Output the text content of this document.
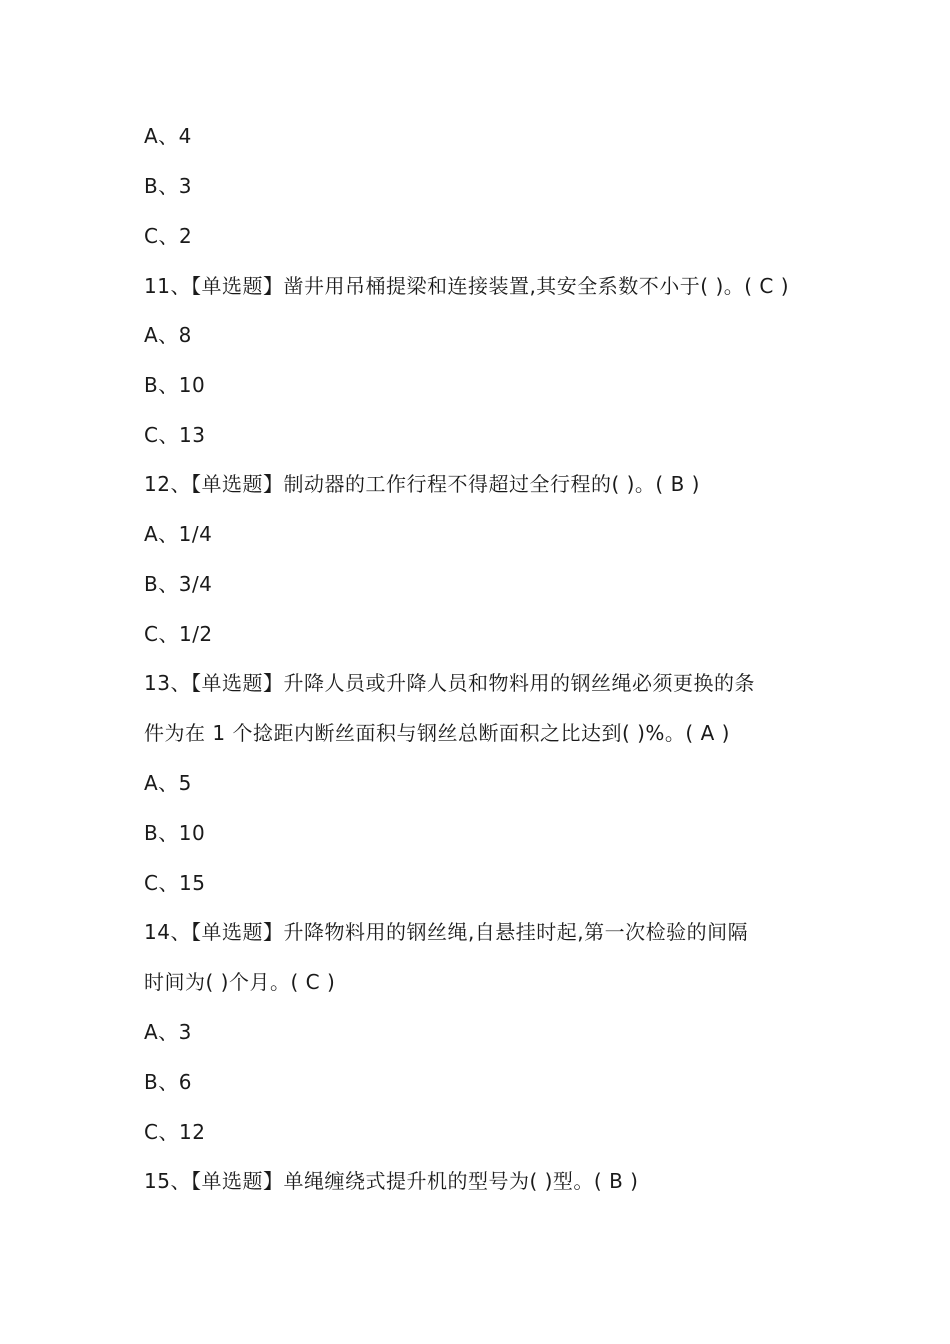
A、4
B、3
C、2
11、【单选题】凿井用吊桶提梁和连接装置,其安全系数不小于( )。( C )
A、8
B、10
C、13
12、【单选题】制动器的工作行程不得超过全行程的( )。( B )
A、1/4
B、3/4
C、1/2
13、【单选题】升降人员或升降人员和物料用的钢丝绳必须更换的条
件为在 1 个捻距内断丝面积与钢丝总断面积之比达到( )%。( A )
A、5
B、10
C、15
14、【单选题】升降物料用的钢丝绳,自悬挂时起,第一次检验的间隔
时间为( )个月。( C )
A、3
B、6
C、12
15、【单选题】单绳缠绕式提升机的型号为( )型。( B )
